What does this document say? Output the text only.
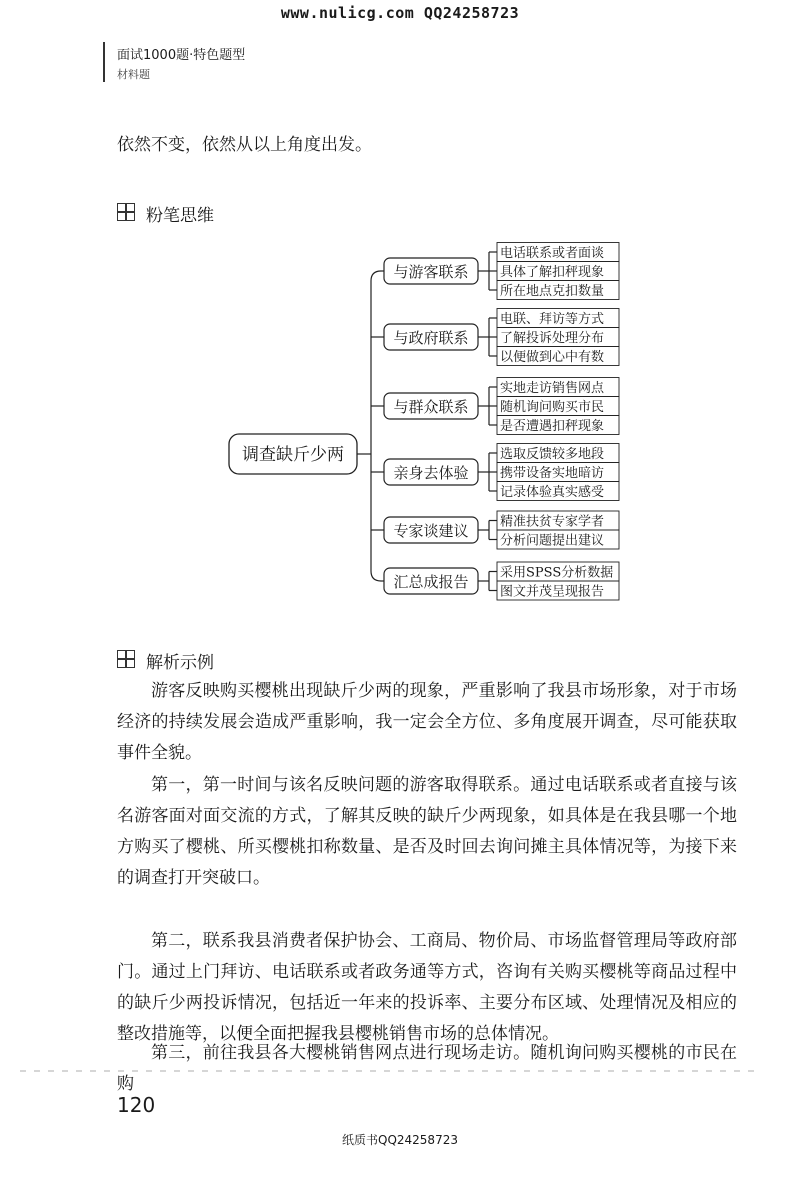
www.nulicg.com QQ24258723
面试1000题·特色题型
材料题
依然不变，依然从以上角度出发。
粉笔思维
调查缺斤少两
与游客联系
与政府联系
与群众联系
亲身去体验
专家谈建议
汇总成报告
电话联系或者面谈
具体了解扣秤现象
所在地点克扣数量
电联、拜访等方式
了解投诉处理分布
以便做到心中有数
实地走访销售网点
随机询问购买市民
是否遭遇扣秤现象
选取反馈较多地段
携带设备实地暗访
记录体验真实感受
精准扶贫专家学者
分析问题提出建议
采用SPSS分析数据
图文并茂呈现报告
解析示例
游客反映购买樱桃出现缺斤少两的现象，严重影响了我县市场形象，对于市场经济的持续发展会造成严重影响，我一定会全方位、多角度展开调查，尽可能获取事件全貌。
第一，第一时间与该名反映问题的游客取得联系。通过电话联系或者直接与该名游客面对面交流的方式，了解其反映的缺斤少两现象，如具体是在我县哪一个地方购买了樱桃、所买樱桃扣称数量、是否及时回去询问摊主具体情况等，为接下来的调查打开突破口。
第二，联系我县消费者保护协会、工商局、物价局、市场监督管理局等政府部门。通过上门拜访、电话联系或者政务通等方式，咨询有关购买樱桃等商品过程中的缺斤少两投诉情况，包括近一年来的投诉率、主要分布区域、处理情况及相应的整改措施等，以便全面把握我县樱桃销售市场的总体情况。
第三，前往我县各大樱桃销售网点进行现场走访。随机询问购买樱桃的市民在购
120
纸质书QQ24258723
